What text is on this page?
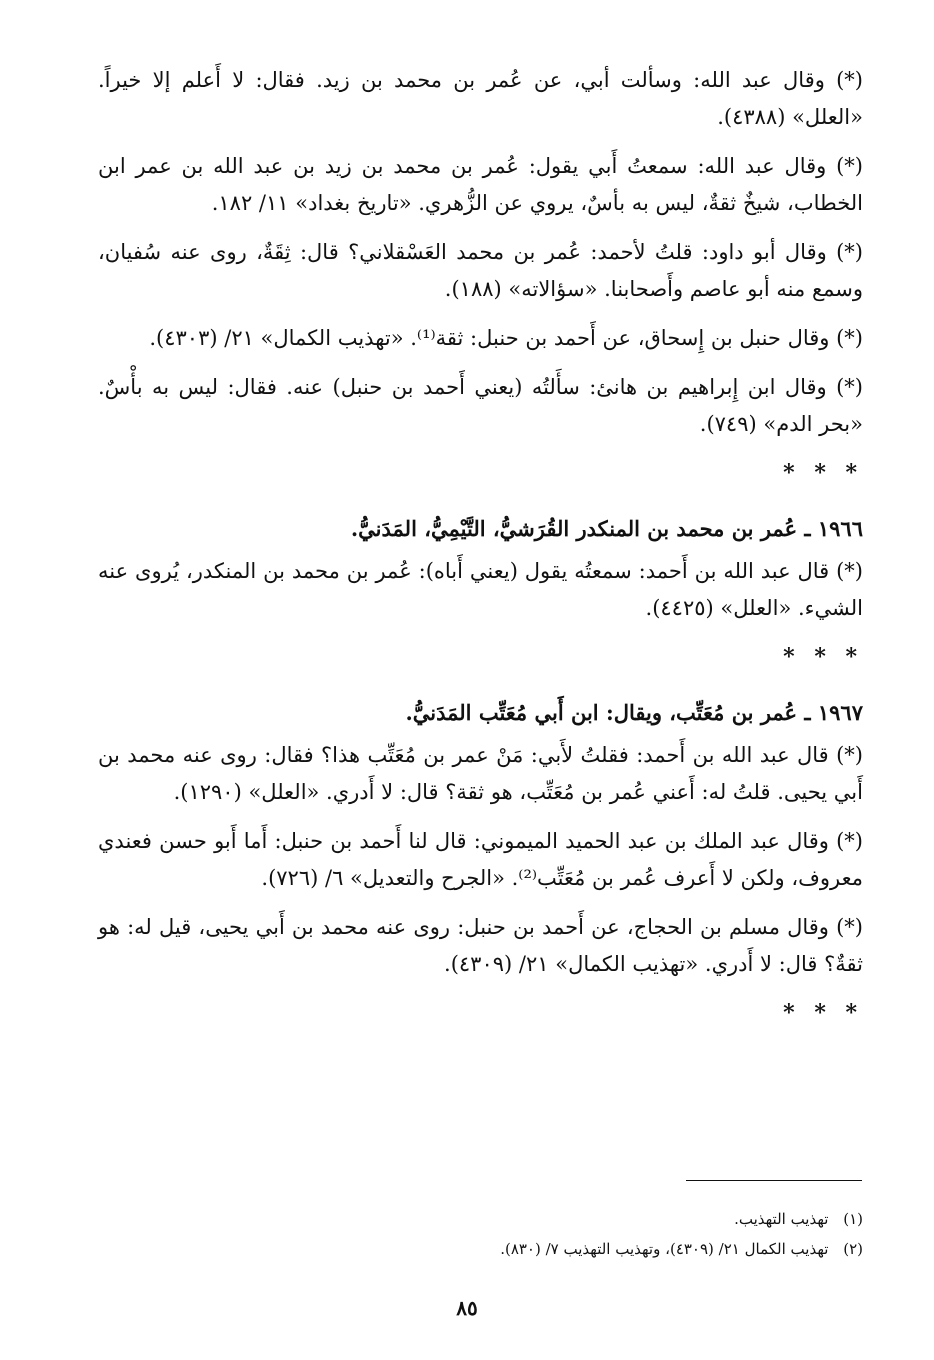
(*) وقال عبد الله: وسألت أبي، عن عُمر بن محمد بن زيد. فقال: لا أَعلم إلا خيراً. «العلل» (٤٣٨٨).
(*) وقال عبد الله: سمعتُ أَبي يقول: عُمر بن محمد بن زيد بن عبد الله بن عمر ابن الخطاب، شيخٌ ثقةٌ، ليس به بأسٌ، يروي عن الزُّهري. «تاريخ بغداد» ١١/ ١٨٢.
(*) وقال أبو داود: قلتُ لأحمد: عُمر بن محمد العَسْقلاني؟ قال: ثِقَةٌ، روى عنه سُفيان، وسمع منه أبو عاصم وأَصحابنا. «سؤالاته» (١٨٨).
(*) وقال حنبل بن إِسحاق، عن أَحمد بن حنبل: ثقة⁽¹⁾. «تهذيب الكمال» ٢١/ (٤٣٠٣).
(*) وقال ابن إِبراهيم بن هانئ: سأَلتُه (يعني أَحمد بن حنبل) عنه. فقال: ليس به بأْسٌ. «بحر الدم» (٧٤٩).
* * *
١٩٦٦ ـ عُمر بن محمد بن المنكدر القُرَشيُّ، التَّيْمِيُّ، المَدَنيُّ.
(*) قال عبد الله بن أَحمد: سمعتُه يقول (يعني أَباه): عُمر بن محمد بن المنكدر، يُروى عنه الشيء. «العلل» (٤٤٢٥).
* * *
١٩٦٧ ـ عُمر بن مُعَتِّب، ويقال: ابن أَبي مُعَتِّب المَدَنيُّ.
(*) قال عبد الله بن أَحمد: فقلتُ لأَبي: مَنْ عمر بن مُعَتِّب هذا؟ فقال: روى عنه محمد بن أَبي يحيى. قلتُ له: أَعني عُمر بن مُعَتِّب، هو ثقة؟ قال: لا أَدري. «العلل» (١٢٩٠).
(*) وقال عبد الملك بن عبد الحميد الميموني: قال لنا أَحمد بن حنبل: أَما أَبو حسن فعندي معروف، ولكن لا أَعرف عُمر بن مُعَتِّب⁽²⁾. «الجرح والتعديل» ٦/ (٧٢٦).
(*) وقال مسلم بن الحجاج، عن أَحمد بن حنبل: روى عنه محمد بن أَبي يحيى، قيل له: هو ثقةٌ؟ قال: لا أَدري. «تهذيب الكمال» ٢١/ (٤٣٠٩).
* * *
(١) تهذيب التهذيب.
(٢) تهذيب الكمال ٢١/ (٤٣٠٩)، وتهذيب التهذيب ٧/ (٨٣٠).
٨٥
